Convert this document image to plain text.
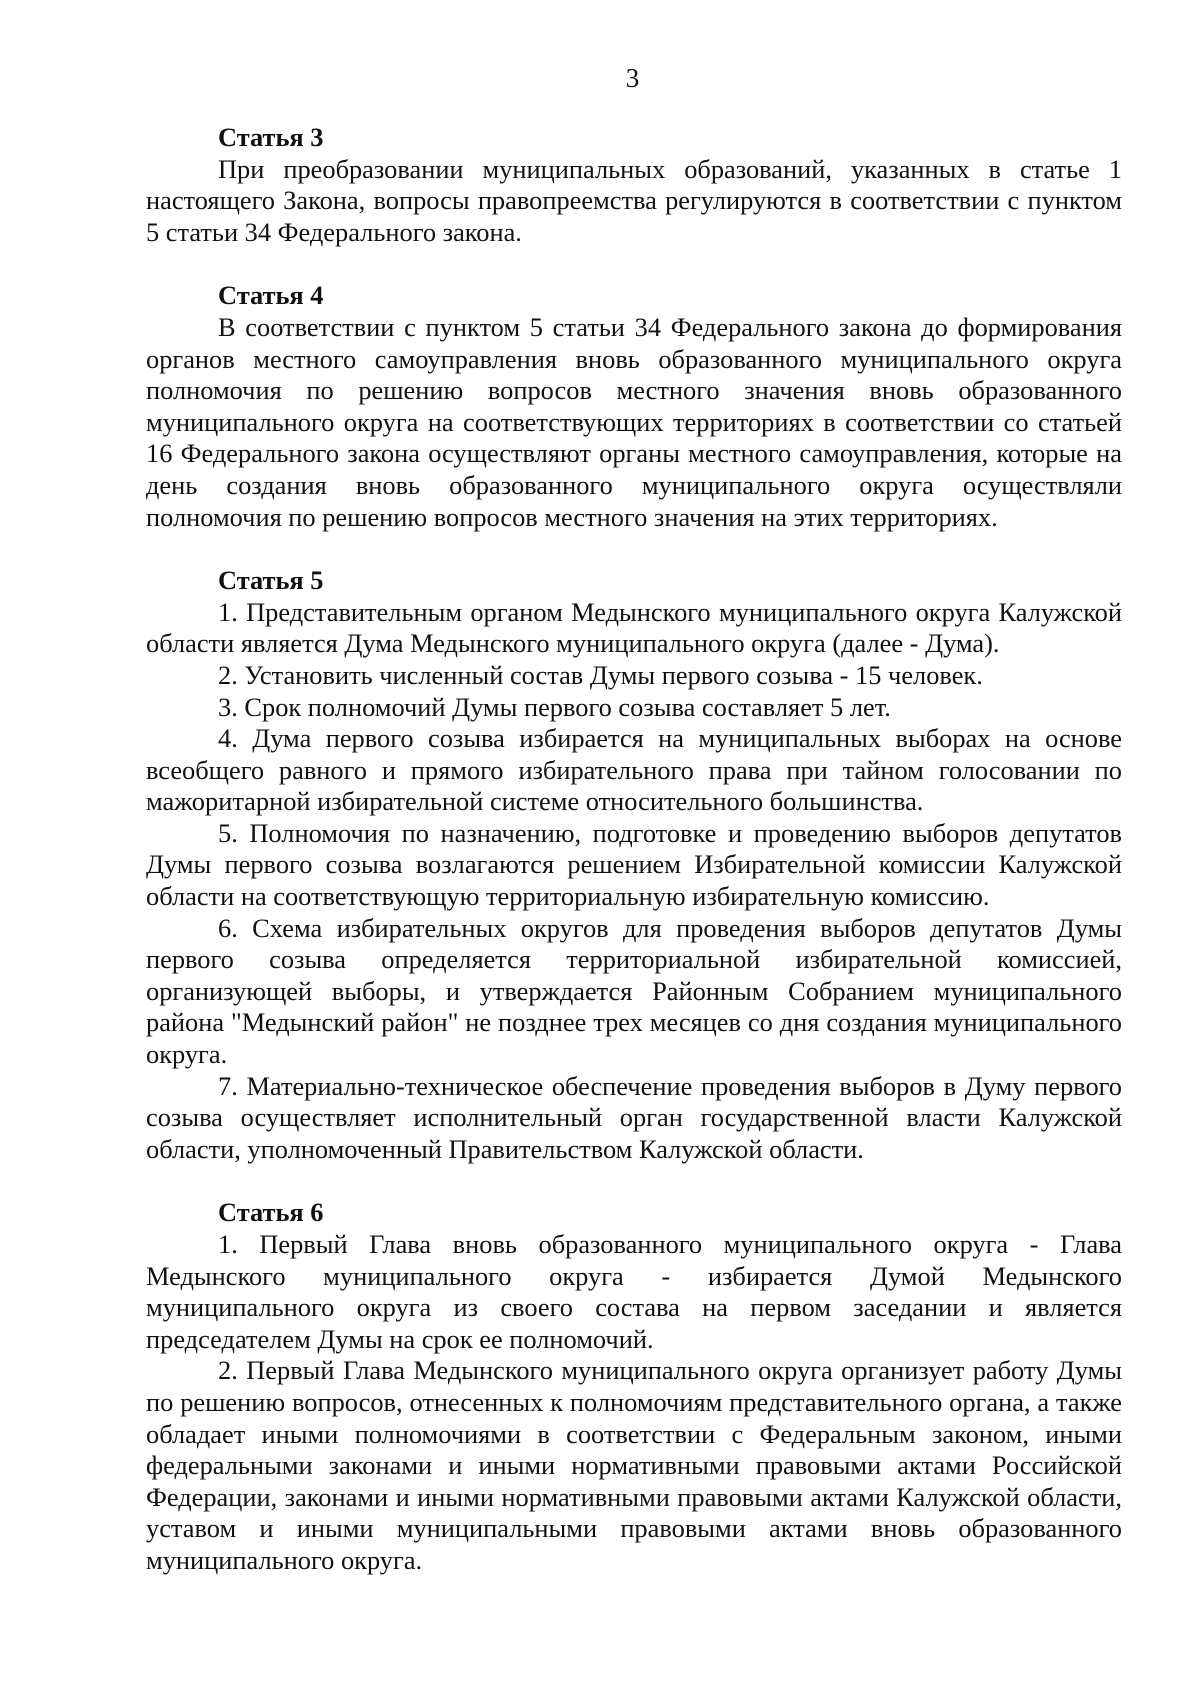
3

Статья 3

При преобразовании муниципальных образований, указанных в статье 1 настоящего Закона, вопросы правопреемства регулируются в соответствии с пунктом 5 статьи 34 Федерального закона.

Статья 4

В соответствии с пунктом 5 статьи 34 Федерального закона до формирования органов местного самоуправления вновь образованного муниципального округа полномочия по решению вопросов местного значения вновь образованного муниципального округа на соответствующих территориях в соответствии со статьей 16 Федерального закона осуществляют органы местного самоуправления, которые на день создания вновь образованного муниципального округа осуществляли полномочия по решению вопросов местного значения на этих территориях.

Статья 5

1. Представительным органом Медынского муниципального округа Калужской области является Дума Медынского муниципального округа (далее - Дума).

2. Установить численный состав Думы первого созыва - 15 человек.

3. Срок полномочий Думы первого созыва составляет 5 лет.

4. Дума первого созыва избирается на муниципальных выборах на основе всеобщего равного и прямого избирательного права при тайном голосовании по мажоритарной избирательной системе относительного большинства.

5. Полномочия по назначению, подготовке и проведению выборов депутатов Думы первого созыва возлагаются решением Избирательной комиссии Калужской области на соответствующую территориальную избирательную комиссию.

6. Схема избирательных округов для проведения выборов депутатов Думы первого созыва определяется территориальной избирательной комиссией, организующей выборы, и утверждается Районным Собранием муниципального района "Медынский район" не позднее трех месяцев со дня создания муниципального округа.

7. Материально-техническое обеспечение проведения выборов в Думу первого созыва осуществляет исполнительный орган государственной власти Калужской области, уполномоченный Правительством Калужской области.

Статья 6

1. Первый Глава вновь образованного муниципального округа - Глава Медынского муниципального округа - избирается Думой Медынского муниципального округа из своего состава на первом заседании и является председателем Думы на срок ее полномочий.

2. Первый Глава Медынского муниципального округа организует работу Думы по решению вопросов, отнесенных к полномочиям представительного органа, а также обладает иными полномочиями в соответствии с Федеральным законом, иными федеральными законами и иными нормативными правовыми актами Российской Федерации, законами и иными нормативными правовыми актами Калужской области, уставом и иными муниципальными правовыми актами вновь образованного муниципального округа.
